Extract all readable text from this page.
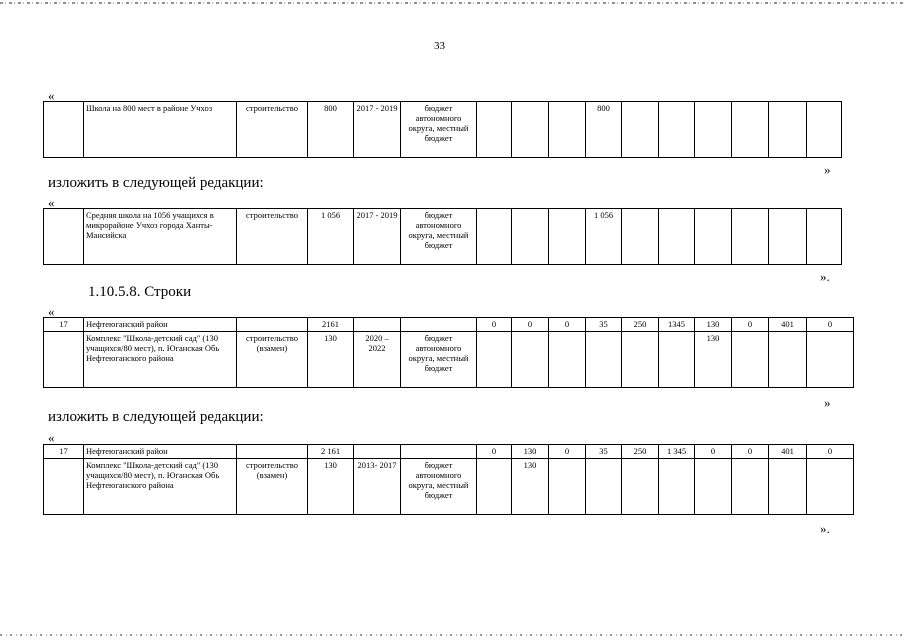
33
«
	Школа на 800 мест в районе Учхоз	строительство	800	2017 - 2019	бюджет автономного округа, местный бюджет				800						
»
изложить в следующей редакции:
«
	Средняя школа на 1056 учащихся в микрорайоне Учхоз города Ханты-Мансийска	строительство	1 056	2017 - 2019	бюджет автономного округа, местный бюджет				1 056						
».
1.10.5.8. Строки
«
17	Нефтеюганский район		2161			0	0	0	35	250	1345	130	0	401	0
	Комплекс "Школа-детский сад" (130 учащихся/80 мест), п. Юганская Обь Нефтеюганского района	строительство (взамен)	130	2020 – 2022	бюджет автономного округа, местный бюджет							130			
»
изложить в следующей редакции:
«
17	Нефтеюганский район		2 161			0	130	0	35	250	1 345	0	0	401	0
	Комплекс "Школа-детский сад" (130 учащихся/80 мест), п. Юганская Обь Нефтеюганского района	строительство (взамен)	130	2013- 2017	бюджет автономного округа, местный бюджет		130								
».
